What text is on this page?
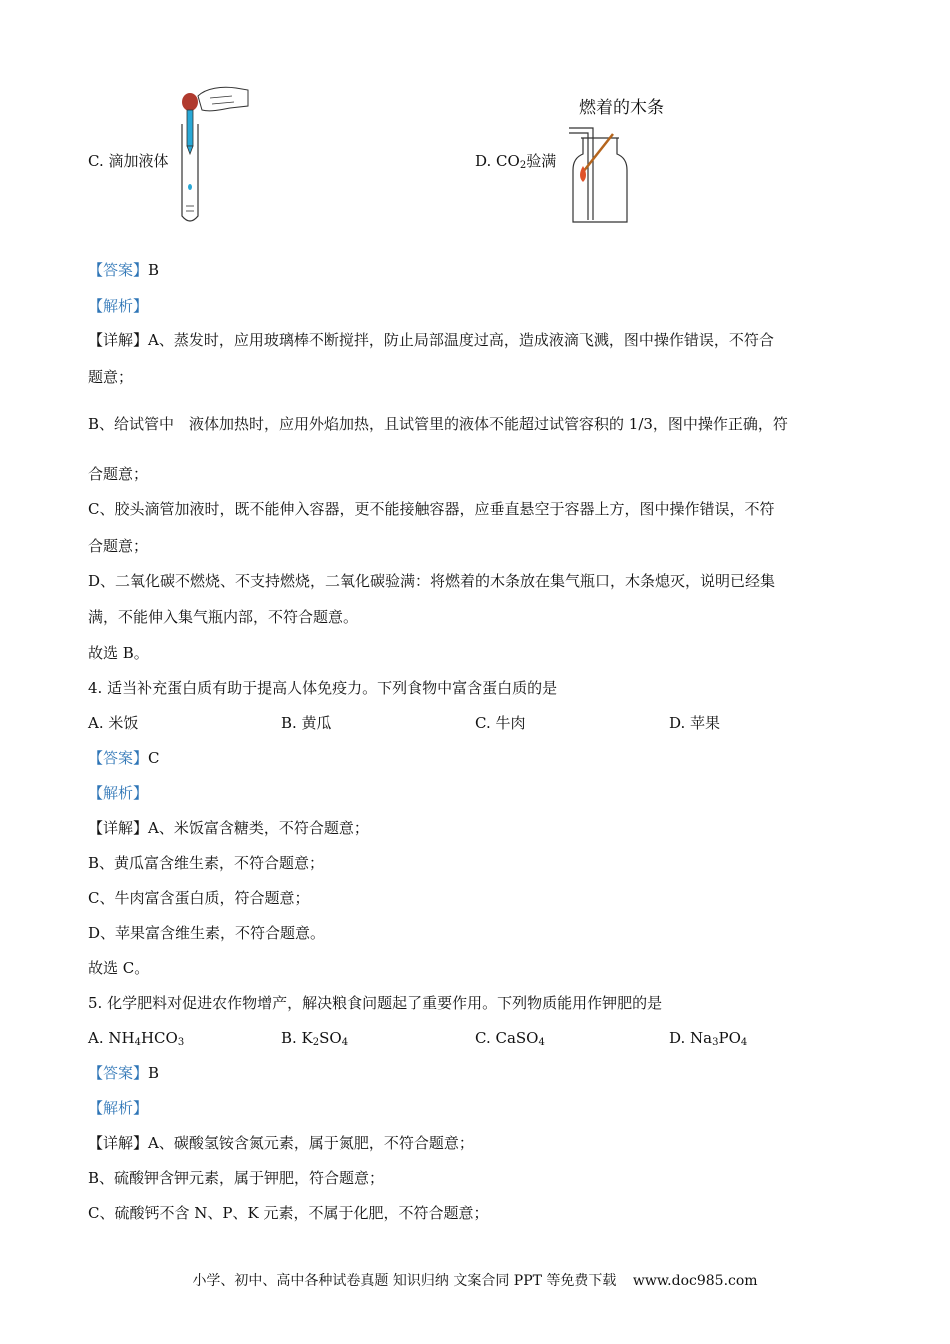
C. 滴加液体	D. $CO_2$验满
燃着的木条
【答案】B
【解析】
【详解】A、蒸发时，应用玻璃棒不断搅拌，防止局部温度过高，造成液滴飞溅，图中操作错误，不符合
题意；
B、给试管中　液体加热时，应用外焰加热，且试管里的液体不能超过试管容积的 1/3，图中操作正确，符
合题意；
C、胶头滴管加液时，既不能伸入容器，更不能接触容器，应垂直悬空于容器上方，图中操作错误，不符
合题意；
D、二氧化碳不燃烧、不支持燃烧，二氧化碳验满：将燃着的木条放在集气瓶口，木条熄灭，说明已经集
满，不能伸入集气瓶内部，不符合题意。
故选 B。
4. 适当补充蛋白质有助于提高人体免疫力。下列食物中富含蛋白质的是
A. 米饭	B. 黄瓜	C. 牛肉	D. 苹果
【答案】C
【解析】
【详解】A、米饭富含糖类，不符合题意；
B、黄瓜富含维生素，不符合题意；
C、牛肉富含蛋白质，符合题意；
D、苹果富含维生素，不符合题意。
故选 C。
5. 化学肥料对促进农作物增产，解决粮食问题起了重要作用。下列物质能用作钾肥的是
A. $NH_4HCO_3$	B. $K_2SO_4$	C. CaSO$_4$	D. $Na_3PO_4$
【答案】B
【解析】
【详解】A、碳酸氢铵含氮元素，属于氮肥，不符合题意；
B、硫酸钾含钾元素，属于钾肥，符合题意；
C、硫酸钙不含 N、P、K 元素，不属于化肥，不符合题意；
小学、初中、高中各种试卷真题 知识归纳 文案合同 PPT 等免费下载 www.doc985.com
